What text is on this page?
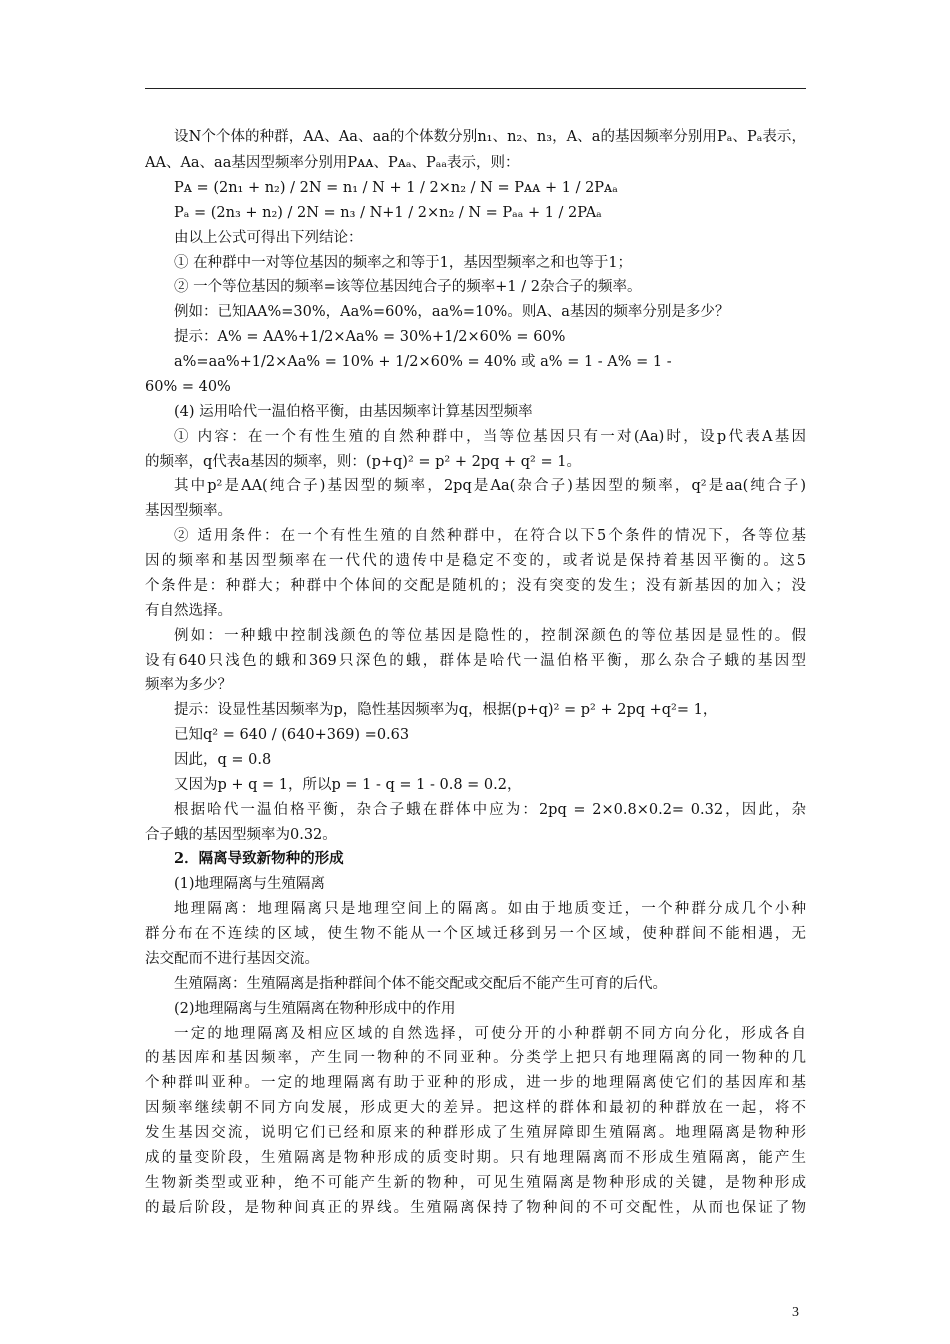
设N个个体的种群，AA、Aa、aa的个体数分别n₁、n₂、n₃，A、a的基因频率分别用Pₐ、Pₐ表示，
AA、Aa、aa基因型频率分别用Pᴀᴀ、Pᴀₐ、Pₐₐ表示，则：
Pᴀ = (2n₁ + n₂) / 2N = n₁ / N + 1 / 2×n₂ / N = Pᴀᴀ + 1 / 2Pᴀₐ
Pₐ = (2n₃ + n₂) / 2N = n₃ / N+1 / 2×n₂ / N = Pₐₐ + 1 / 2PAₐ
由以上公式可得出下列结论：
① 在种群中一对等位基因的频率之和等于1，基因型频率之和也等于1；
② 一个等位基因的频率=该等位基因纯合子的频率+1 / 2杂合子的频率。
例如：已知AA%=30%，Aa%=60%，aa%=10%。则A、a基因的频率分别是多少？
提示：A% = AA%+1/2×Aa% = 30%+1/2×60% = 60%
a%=aa%+1/2×Aa% = 10% + 1/2×60% = 40% 或 a% = 1 - A% = 1 -
60% = 40%
(4) 运用哈代一温伯格平衡，由基因频率计算基因型频率
① 内容：在一个有性生殖的自然种群中，当等位基因只有一对(Aa)时，设p代表A基因
的频率，q代表a基因的频率，则：(p+q)² = p² + 2pq + q² = 1。
其中p²是AA(纯合子)基因型的频率，2pq是Aa(杂合子)基因型的频率，q²是aa(纯合子)
基因型频率。
② 适用条件：在一个有性生殖的自然种群中，在符合以下5个条件的情况下，各等位基
因的频率和基因型频率在一代代的遗传中是稳定不变的，或者说是保持着基因平衡的。这5
个条件是：种群大；种群中个体间的交配是随机的；没有突变的发生；没有新基因的加入；没
有自然选择。
例如：一种蛾中控制浅颜色的等位基因是隐性的，控制深颜色的等位基因是显性的。假
设有640只浅色的蛾和369只深色的蛾，群体是哈代一温伯格平衡，那么杂合子蛾的基因型
频率为多少？
提示：设显性基因频率为p，隐性基因频率为q，根据(p+q)² = p² + 2pq +q²= 1，
已知q² = 640 / (640+369) =0.63
因此，q = 0.8
又因为p + q = 1，所以p = 1 - q = 1 - 0.8 = 0.2，
根据哈代一温伯格平衡，杂合子蛾在群体中应为：2pq = 2×0.8×0.2= 0.32，因此，杂
合子蛾的基因型频率为0.32。
2．隔离导致新物种的形成
(1)地理隔离与生殖隔离
地理隔离：地理隔离只是地理空间上的隔离。如由于地质变迁，一个种群分成几个小种
群分布在不连续的区域，使生物不能从一个区域迁移到另一个区域，使种群间不能相遇，无
法交配而不进行基因交流。
生殖隔离：生殖隔离是指种群间个体不能交配或交配后不能产生可育的后代。
(2)地理隔离与生殖隔离在物种形成中的作用
一定的地理隔离及相应区域的自然选择，可使分开的小种群朝不同方向分化，形成各自
的基因库和基因频率，产生同一物种的不同亚种。分类学上把只有地理隔离的同一物种的几
个种群叫亚种。一定的地理隔离有助于亚种的形成，进一步的地理隔离使它们的基因库和基
因频率继续朝不同方向发展，形成更大的差异。把这样的群体和最初的种群放在一起，将不
发生基因交流，说明它们已经和原来的种群形成了生殖屏障即生殖隔离。地理隔离是物种形
成的量变阶段，生殖隔离是物种形成的质变时期。只有地理隔离而不形成生殖隔离，能产生
生物新类型或亚种，绝不可能产生新的物种，可见生殖隔离是物种形成的关键，是物种形成
的最后阶段，是物种间真正的界线。生殖隔离保持了物种间的不可交配性，从而也保证了物
3
